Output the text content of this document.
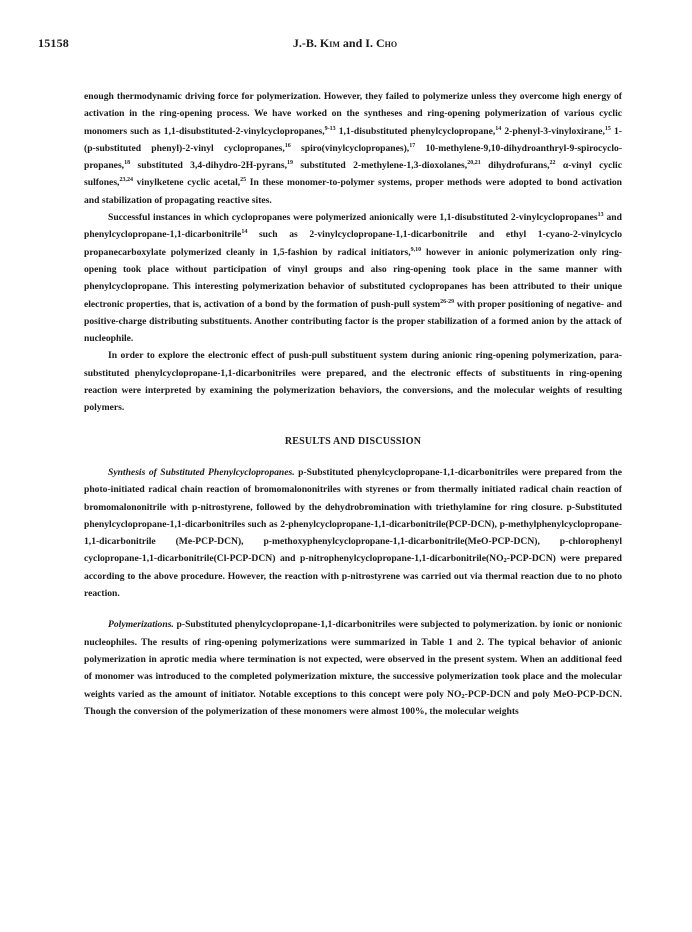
15158	J.-B. Kim and I. Cho

enough thermodynamic driving force for polymerization. However, they failed to polymerize unless they overcome high energy of activation in the ring-opening process. We have worked on the syntheses and ring-opening polymerization of various cyclic monomers such as 1,1-disubstituted-2-vinylcyclopropanes,$^{9-13}$ 1,1-disubstituted phenylcyclopropane,$^{14}$ 2-phenyl-3-vinyloxirane,$^{15}$ 1-(p-substituted phenyl)-2-vinyl cyclopropanes,$^{16}$ spiro(vinylcyclopropanes),$^{17}$ 10-methylene-9,10-dihydroanthryl-9-spirocyclo-propanes,$^{18}$ substituted 3,4-dihydro-2H-pyrans,$^{19}$ substituted 2-methylene-1,3-dioxolanes,$^{20,21}$ dihydrofurans,$^{22}$ α-vinyl cyclic sulfones,$^{23,24}$ vinylketene cyclic acetal,$^{25}$ In these monomer-to-polymer systems, proper methods were adopted to bond activation and stabilization of propagating reactive sites.

Successful instances in which cyclopropanes were polymerized anionically were 1,1-disubstituted 2-vinylcyclopropanes$^{13}$ and phenylcyclopropane-1,1-dicarbonitrile$^{14}$ such as 2-vinylcyclopropane-1,1-dicarbonitrile and ethyl 1-cyano-2-vinylcyclo propanecarboxylate polymerized cleanly in 1,5-fashion by radical initiators,$^{9,10}$ however in anionic polymerization only ring-opening took place without participation of vinyl groups and also ring-opening took place in the same manner with phenylcyclopropane. This interesting polymerization behavior of substituted cyclopropanes has been attributed to their unique electronic properties, that is, activation of a bond by the formation of push-pull system$^{26-29}$ with proper positioning of negative- and positive-charge distributing substituents. Another contributing factor is the proper stabilization of a formed anion by the attack of nucleophile.

In order to explore the electronic effect of push-pull substituent system during anionic ring-opening polymerization, para-substituted phenylcyclopropane-1,1-dicarbonitriles were prepared, and the electronic effects of substituents in ring-opening reaction were interpreted by examining the polymerization behaviors, the conversions, and the molecular weights of resulting polymers.

RESULTS AND DISCUSSION

Synthesis of Substituted Phenylcyclopropanes. p-Substituted phenylcyclopropane-1,1-dicarbonitriles were prepared from the photo-initiated radical chain reaction of bromomalononitriles with styrenes or from thermally initiated radical chain reaction of bromomalononitrile with p-nitrostyrene, followed by the dehydrobromination with triethylamine for ring closure. p-Substituted phenylcyclopropane-1,1-dicarbonitriles such as 2-phenylcyclopropane-1,1-dicarbonitrile(PCP-DCN), p-methylphenylcyclopropane-1,1-dicarbonitrile (Me-PCP-DCN), p-methoxyphenylcyclopropane-1,1-dicarbonitrile(MeO-PCP-DCN), p-chlorophenyl cyclopropane-1,1-dicarbonitrile(Cl-PCP-DCN) and $p-nitrophenylcyclopropane-1,1-dicarbonitrile(NO_2-PCP-DCN)$ were prepared according to the above procedure. However, the reaction with p-nitrostyrene was carried out via thermal reaction due to no photo reaction.

Polymerizations. p-Substituted phenylcyclopropane-1,1-dicarbonitriles were subjected to polymerization. by ionic or nonionic nucleophiles. The results of ring-opening polymerizations were summarized in Table 1 and 2. The typical behavior of anionic polymerization in aprotic media where termination is not expected, were observed in the present system. When an additional feed of monomer was introduced to the completed polymerization mixture, the successive polymerization took place and the molecular weights varied as the amount of initiator. Notable exceptions to this concept were poly $NO_2-PCP$-DCN and poly MeO-PCP-DCN. Though the conversion of the polymerization of these monomers were almost 100%, the molecular weights
